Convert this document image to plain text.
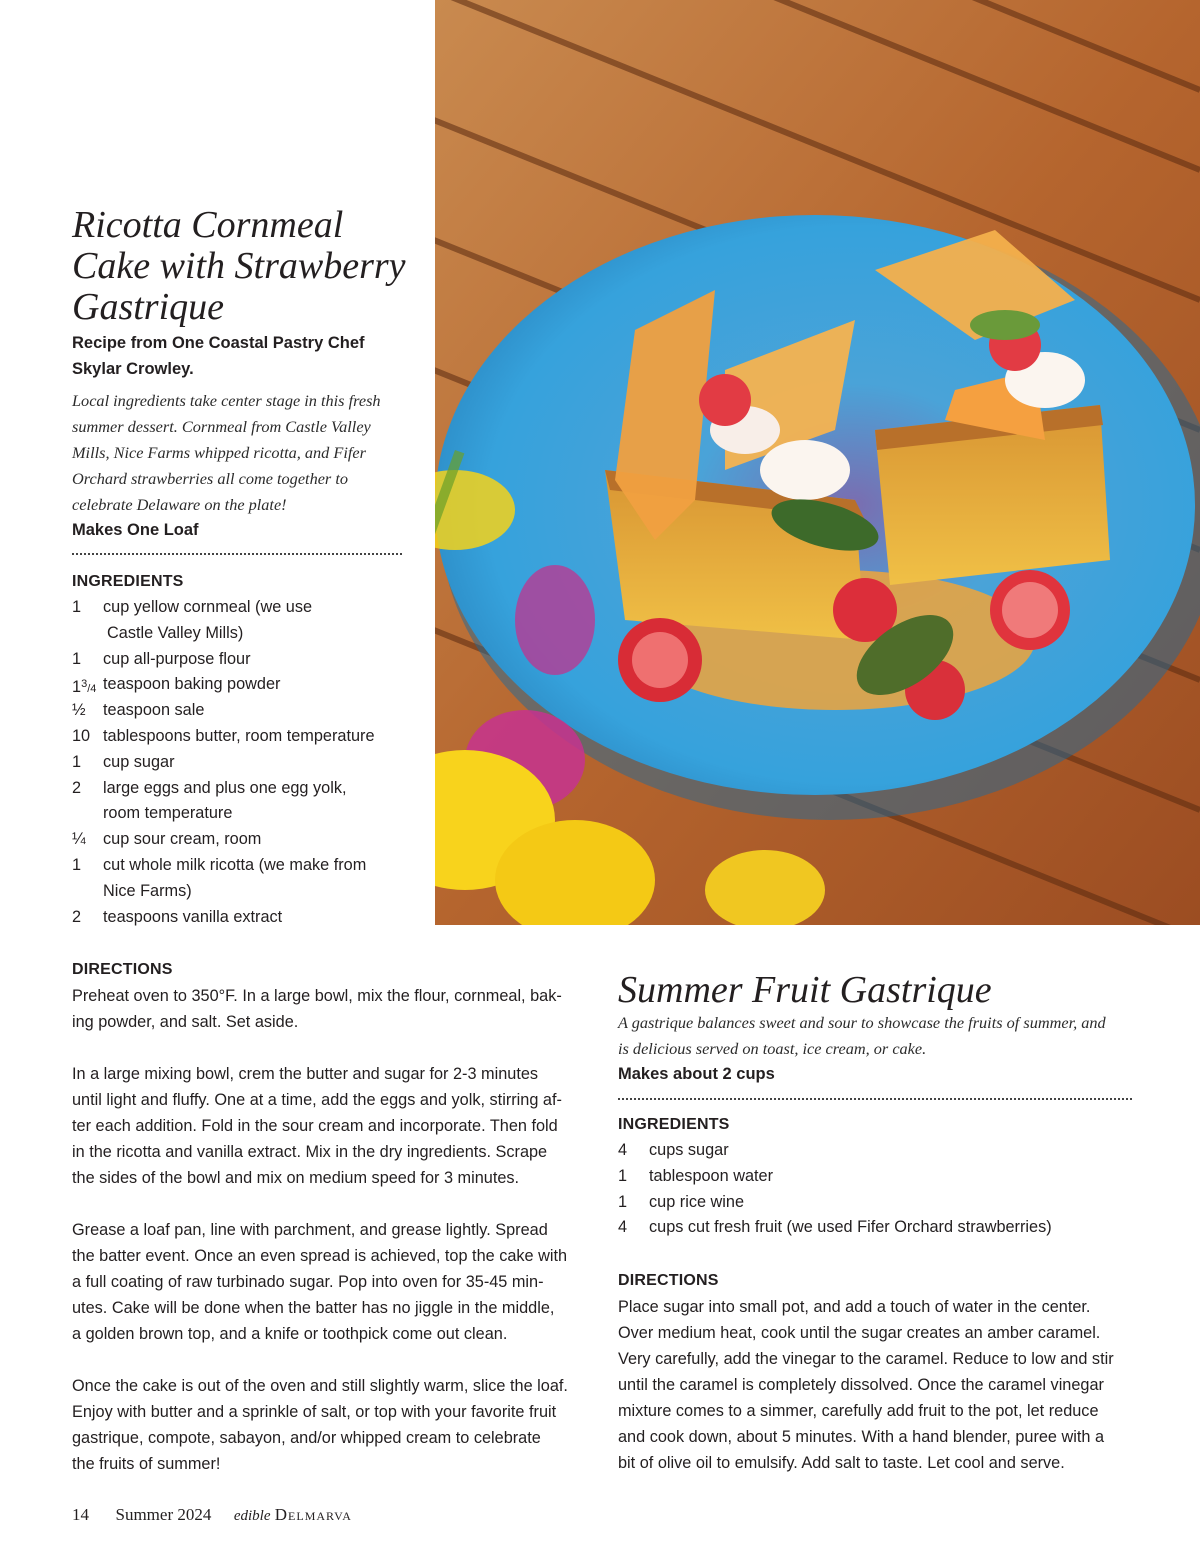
Ricotta Cornmeal
Cake with Strawberry
Gastrique
Recipe from One Coastal Pastry Chef
Skylar Crowley.
Local ingredients take center stage in this fresh
summer dessert. Cornmeal from Castle Valley
Mills, Nice Farms whipped ricotta, and Fifer
Orchard strawberries all come together to
celebrate Delaware on the plate!
Makes One Loaf
INGREDIENTS
1 cup yellow cornmeal (we use
Castle Valley Mills)
1 cup all-purpose flour
$1^3/4$ teaspoon baking powder
½ teaspoon sale
10 tablespoons butter, room temperature
1 cup sugar
2 large eggs and plus one egg yolk,
room temperature
¼ cup sour cream, room
1 cut whole milk ricotta (we make from
Nice Farms)
2 teaspoons vanilla extract
DIRECTIONS

Preheat oven to 350°F. In a large bowl, mix the flour, cornmeal, bak-
ing powder, and salt. Set aside.

In a large mixing bowl, crem the butter and sugar for 2-3 minutes
until light and fluffy. One at a time, add the eggs and yolk, stirring af-
ter each addition. Fold in the sour cream and incorporate. Then fold
in the ricotta and vanilla extract. Mix in the dry ingredients. Scrape
the sides of the bowl and mix on medium speed for 3 minutes.

Grease a loaf pan, line with parchment, and grease lightly. Spread
the batter event. Once an even spread is achieved, top the cake with
a full coating of raw turbinado sugar. Pop into oven for 35-45 min-
utes. Cake will be done when the batter has no jiggle in the middle,
a golden brown top, and a knife or toothpick come out clean.

Once the cake is out of the oven and still slightly warm, slice the loaf.
Enjoy with butter and a sprinkle of salt, or top with your favorite fruit
gastrique, compote, sabayon, and/or whipped cream to celebrate
the fruits of summer!

Summer Fruit Gastrique
A gastrique balances sweet and sour to showcase the fruits of summer, and
is delicious served on toast, ice cream, or cake.
Makes about 2 cups
INGREDIENTS
4 cups sugar
1 tablespoon water
1 cup rice wine
4 cups cut fresh fruit (we used Fifer Orchard strawberries)
DIRECTIONS
Place sugar into small pot, and add a touch of water in the center.
Over medium heat, cook until the sugar creates an amber caramel.
Very carefully, add the vinegar to the caramel. Reduce to low and stir
until the caramel is completely dissolved. Once the caramel vinegar
mixture comes to a simmer, carefully add fruit to the pot, let reduce
and cook down, about 5 minutes. With a hand blender, puree with a
bit of olive oil to emulsify. Add salt to taste. Let cool and serve.
14 Summer 2024 edible Delmarva
